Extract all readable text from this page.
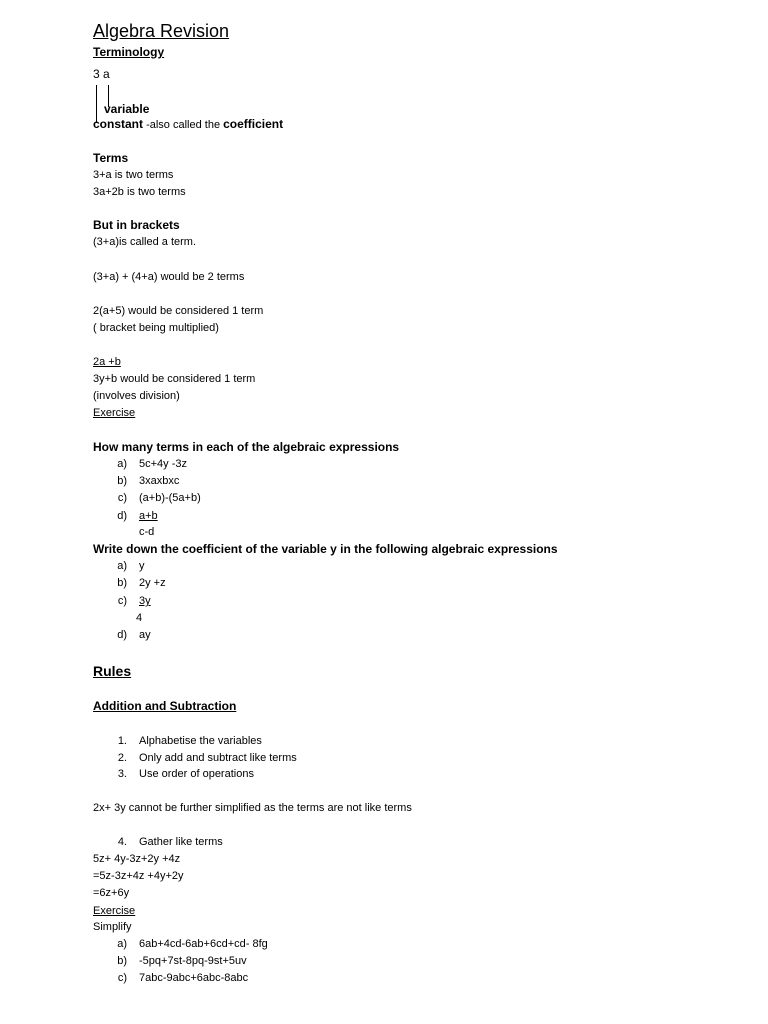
Algebra Revision
Terminology
3 a
variable
constant -also called the coefficient
Terms
3+a is two terms
3a+2b is two terms
But in brackets
(3+a)is called a term.
(3+a) + (4+a) would be 2 terms
2(a+5) would be considered 1 term
( bracket being multiplied)
2a +b
3y+b would be considered 1 term
(involves division)
Exercise
How many terms in each of the algebraic expressions
a) 5c+4y -3z
b) 3xaxbxc
c) (a+b)-(5a+b)
d) a+b
c-d
Write down the coefficient of the variable y in the following algebraic expressions
a) y
b) 2y +z
c) 3y
4
d) ay
Rules
Addition and Subtraction
1. Alphabetise the variables
2. Only add and subtract like terms
3. Use order of operations
2x+ 3y cannot be further simplified as the terms are not like terms
4. Gather like terms
5z+ 4y-3z+2y +4z
=5z-3z+4z +4y+2y
=6z+6y
Exercise
Simplify
a) 6ab+4cd-6ab+6cd+cd- 8fg
b) -5pq+7st-8pq-9st+5uv
c) 7abc-9abc+6abc-8abc
